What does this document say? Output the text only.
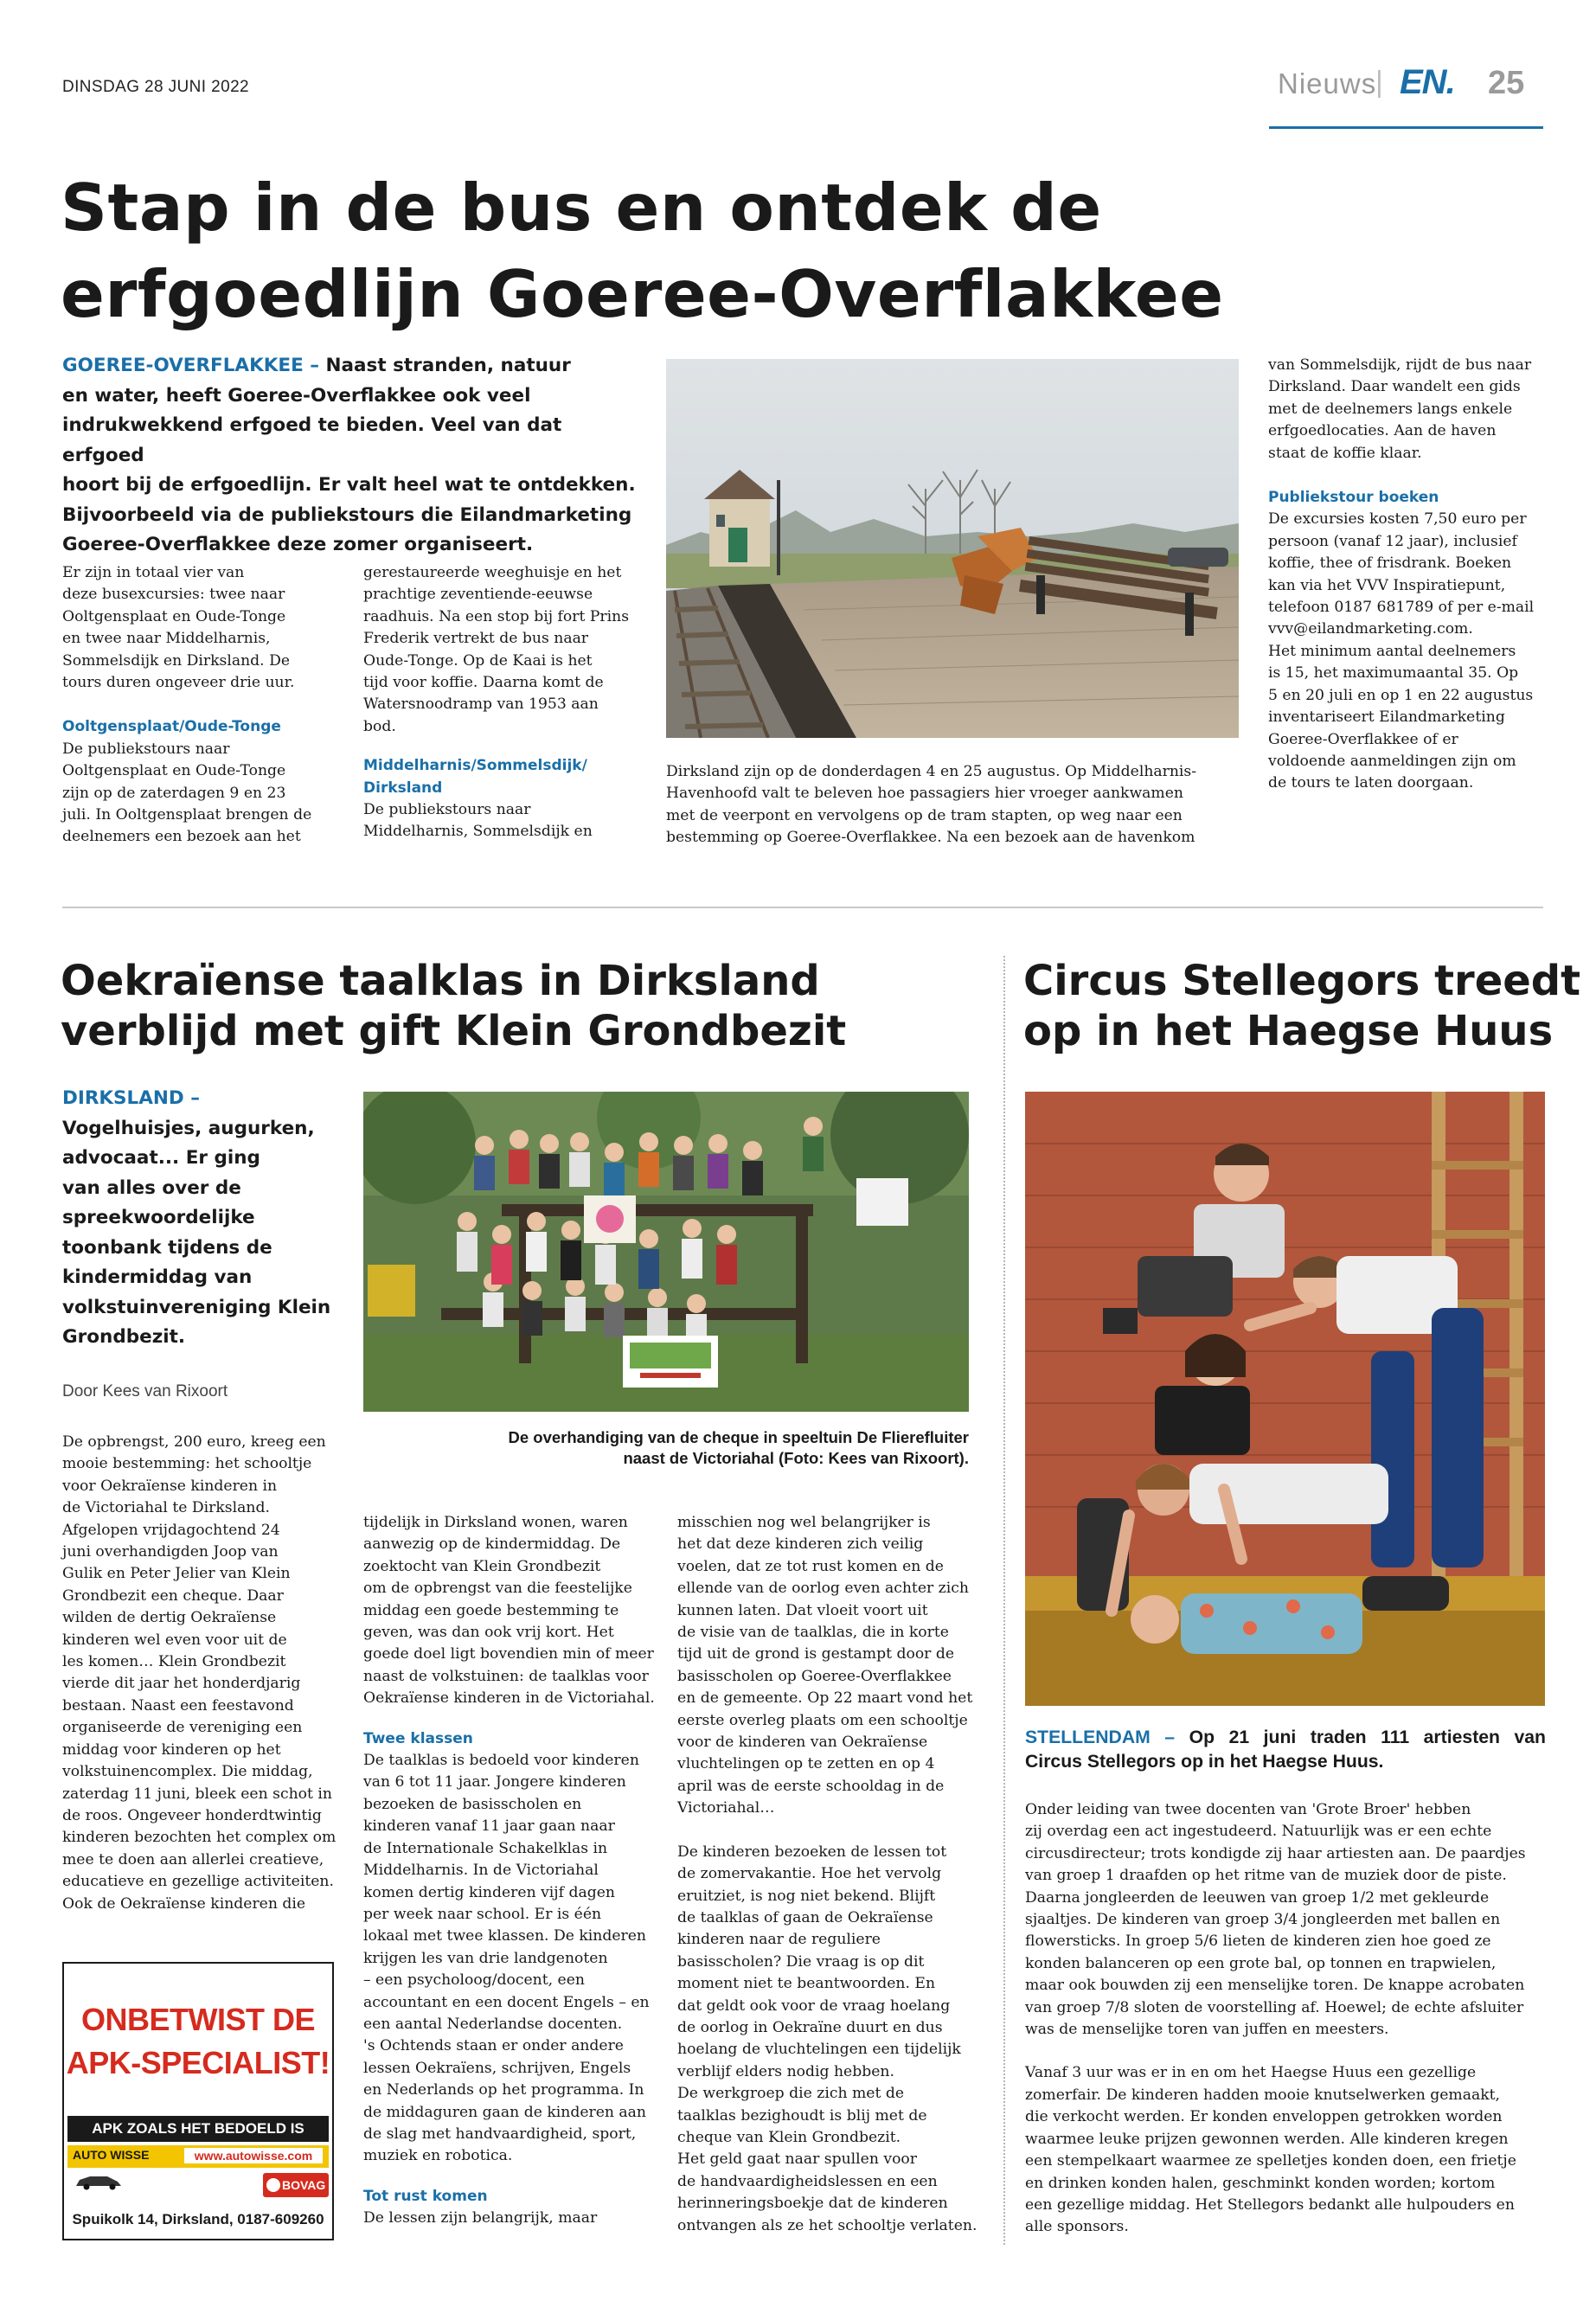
DINSDAG 28 JUNI 2022	Nieuws
| EN. 25
Stap in de bus en ontdek de
erfgoedlijn Goeree-Overflakkee
GOEREE-OVERFLAKKEE – Naast stranden, natuur
en water, heeft Goeree-Overflakkee ook veel
indrukwekkend erfgoed te bieden. Veel van dat erfgoed
hoort bij de erfgoedlijn. Er valt heel wat te ontdekken.
Bijvoorbeeld via de publiekstours die Eilandmarketing
Goeree-Overflakkee deze zomer organiseert.
Er zijn in totaal vier van
deze busexcursies: twee naar
Ooltgensplaat en Oude-Tonge
en twee naar Middelharnis,
Sommelsdijk en Dirksland. De
tours duren ongeveer drie uur.
Ooltgensplaat/Oude-Tonge
De publiekstours naar
Ooltgensplaat en Oude-Tonge
zijn op de zaterdagen 9 en 23
juli. In Ooltgensplaat brengen de
deelnemers een bezoek aan het
gerestaureerde weeghuisje en het
prachtige zeventiende-eeuwse
raadhuis. Na een stop bij fort Prins
Frederik vertrekt de bus naar
Oude-Tonge. Op de Kaai is het
tijd voor koffie. Daarna komt de
Watersnoodramp van 1953 aan
bod.
Middelharnis/Sommelsdijk/
Dirksland
De publiekstours naar
Middelharnis, Sommelsdijk en
Dirksland zijn op de donderdagen 4 en 25 augustus. Op Middelharnis-
Havenhoofd valt te beleven hoe passagiers hier vroeger aankwamen
met de veerpont en vervolgens op de tram stapten, op weg naar een
bestemming op Goeree-Overflakkee. Na een bezoek aan de havenkom
van Sommelsdijk, rijdt de bus naar
Dirksland. Daar wandelt een gids
met de deelnemers langs enkele
erfgoedlocaties. Aan de haven
staat de koffie klaar.
Publiekstour boeken
De excursies kosten 7,50 euro per
persoon (vanaf 12 jaar), inclusief
koffie, thee of frisdrank. Boeken
kan via het VVV Inspiratiepunt,
telefoon 0187 681789 of per e-mail
vvv@eilandmarketing.com.
Het minimum aantal deelnemers
is 15, het maximumaantal 35. Op
5 en 20 juli en op 1 en 22 augustus
inventariseert Eilandmarketing
Goeree-Overflakkee of er
voldoende aanmeldingen zijn om
de tours te laten doorgaan.
Oekraïense taalklas in Dirksland
verblijd met gift Klein Grondbezit
DIRKSLAND –
Vogelhuisjes, augurken,
advocaat... Er ging
van alles over de
spreekwoordelijke
toonbank tijdens de
kindermiddag van
volkstuinvereniging Klein
Grondbezit.
Door Kees van Rixoort
De overhandiging van de cheque in speeltuin De Flierefluiter
naast de Victoriahal (Foto: Kees van Rixoort).
De opbrengst, 200 euro, kreeg een
mooie bestemming: het schooltje
voor Oekraïense kinderen in
de Victoriahal te Dirksland.
Afgelopen vrijdagochtend 24
juni overhandigden Joop van
Gulik en Peter Jelier van Klein
Grondbezit een cheque. Daar
wilden de dertig Oekraïense
kinderen wel even voor uit de
les komen… Klein Grondbezit
vierde dit jaar het honderdjarig
bestaan. Naast een feestavond
organiseerde de vereniging een
middag voor kinderen op het
volkstuinencomplex. Die middag,
zaterdag 11 juni, bleek een schot in
de roos. Ongeveer honderdtwintig
kinderen bezochten het complex om
mee te doen aan allerlei creatieve,
educatieve en gezellige activiteiten.
Ook de Oekraïense kinderen die
tijdelijk in Dirksland wonen, waren
aanwezig op de kindermiddag. De
zoektocht van Klein Grondbezit
om de opbrengst van die feestelijke
middag een goede bestemming te
geven, was dan ook vrij kort. Het
goede doel ligt bovendien min of meer
naast de volkstuinen: de taalklas voor
Oekraïense kinderen in de Victoriahal.
Twee klassen
De taalklas is bedoeld voor kinderen
van 6 tot 11 jaar. Jongere kinderen
bezoeken de basisscholen en
kinderen vanaf 11 jaar gaan naar
de Internationale Schakelklas in
Middelharnis. In de Victoriahal
komen dertig kinderen vijf dagen
per week naar school. Er is één
lokaal met twee klassen. De kinderen
krijgen les van drie landgenoten
– een psycholoog/docent, een
accountant en een docent Engels – en
een aantal Nederlandse docenten.
's Ochtends staan er onder andere
lessen Oekraïens, schrijven, Engels
en Nederlands op het programma. In
de middaguren gaan de kinderen aan
de slag met handvaardigheid, sport,
muziek en robotica.
Tot rust komen
De lessen zijn belangrijk, maar
misschien nog wel belangrijker is
het dat deze kinderen zich veilig
voelen, dat ze tot rust komen en de
ellende van de oorlog even achter zich
kunnen laten. Dat vloeit voort uit
de visie van de taalklas, die in korte
tijd uit de grond is gestampt door de
basisscholen op Goeree-Overflakkee
en de gemeente. Op 22 maart vond het
eerste overleg plaats om een schooltje
voor de kinderen van Oekraïense
vluchtelingen op te zetten en op 4
april was de eerste schooldag in de
Victoriahal…
De kinderen bezoeken de lessen tot
de zomervakantie. Hoe het vervolg
eruitziet, is nog niet bekend. Blijft
de taalklas of gaan de Oekraïense
kinderen naar de reguliere
basisscholen? Die vraag is op dit
moment niet te beantwoorden. En
dat geldt ook voor de vraag hoelang
de oorlog in Oekraïne duurt en dus
hoelang de vluchtelingen een tijdelijk
verblijf elders nodig hebben.
De werkgroep die zich met de
taalklas bezighoudt is blij met de
cheque van Klein Grondbezit.
Het geld gaat naar spullen voor
de handvaardigheidslessen en een
herinneringsboekje dat de kinderen
ontvangen als ze het schooltje verlaten.
ONBETWIST DE
APK-SPECIALIST!
APK ZOALS HET BEDOELD IS
AUTO WISSE	www.autowisse.com
BOVAG
Spuikolk 14, Dirksland, 0187-609260
Circus Stellegors treedt
op in het Haegse Huus
STELLENDAM – Op 21 juni traden 111 artiesten van
Circus Stellegors op in het Haegse Huus.
Onder leiding van twee docenten van 'Grote Broer' hebben
zij overdag een act ingestudeerd. Natuurlijk was er een echte
circusdirecteur; trots kondigde zij haar artiesten aan. De paardjes
van groep 1 draafden op het ritme van de muziek door de piste.
Daarna jongleerden de leeuwen van groep 1/2 met gekleurde
sjaaltjes. De kinderen van groep 3/4 jongleerden met ballen en
flowersticks. In groep 5/6 lieten de kinderen zien hoe goed ze
konden balanceren op een grote bal, op tonnen en trapwielen,
maar ook bouwden zij een menselijke toren. De knappe acrobaten
van groep 7/8 sloten de voorstelling af. Hoewel; de echte afsluiter
was de menselijke toren van juffen en meesters.
Vanaf 3 uur was er in en om het Haegse Huus een gezellige
zomerfair. De kinderen hadden mooie knutselwerken gemaakt,
die verkocht werden. Er konden enveloppen getrokken worden
waarmee leuke prijzen gewonnen werden. Alle kinderen kregen
een stempelkaart waarmee ze spelletjes konden doen, een frietje
en drinken konden halen, geschminkt konden worden; kortom
een gezellige middag. Het Stellegors bedankt alle hulpouders en
alle sponsors.
